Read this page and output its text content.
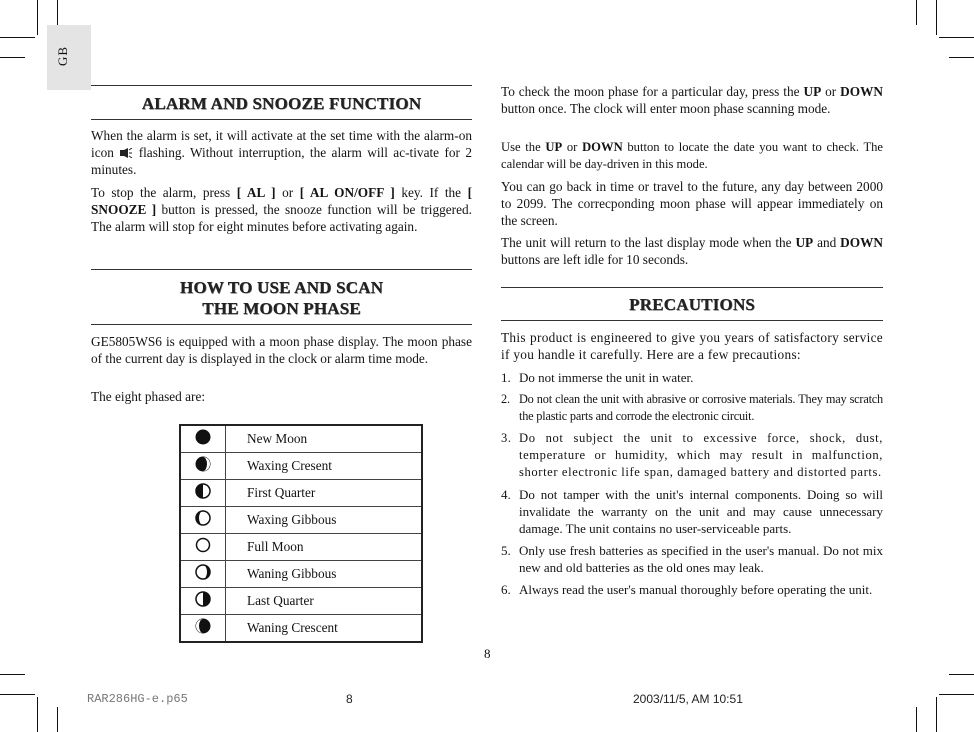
GB
ALARM AND SNOOZE FUNCTION
When the alarm is set, it will activate at the set time with the alarm-on icon flashing. Without interruption, the alarm will ac-tivate for 2 minutes.
To stop the alarm, press [ AL ] or [ AL ON/OFF ] key. If the [ SNOOZE ] button is pressed, the snooze function will be triggered. The alarm will stop for eight minutes before activating again.
HOW TO USE AND SCAN
THE MOON PHASE
GE5805WS6 is equipped with a moon phase display. The moon phase of the current day is displayed in the clock or alarm time mode.
The eight phased are:
	New Moon
	Waxing Cresent
	First Quarter
	Waxing Gibbous
	Full Moon
	Waning Gibbous
	Last Quarter
	Waning Crescent
To check the moon phase for a particular day, press the UP or DOWN button once. The clock will enter moon phase scanning mode.
Use the UP or DOWN button to locate the date you want to check. The calendar will be day-driven in this mode.
You can go back in time or travel to the future, any day between 2000 to 2099. The correcponding moon phase will appear immediately on the screen.
The unit will return to the last display mode when the UP and DOWN buttons are left idle for 10 seconds.
PRECAUTIONS
This product is engineered to give you years of satisfactory service if you handle it carefully. Here are a few precautions:
1. Do not immerse the unit in water.
2. Do not clean the unit with abrasive or corrosive materials. They may scratch the plastic parts and corrode the electronic circuit.
3. Do not subject the unit to excessive force, shock, dust, temperature or humidity, which may result in malfunction, shorter electronic life span, damaged battery and distorted parts.
4. Do not tamper with the unit's internal components. Doing so will invalidate the warranty on the unit and may cause unnecessary damage. The unit contains no user-serviceable parts.
5. Only use fresh batteries as specified in the user's manual. Do not mix new and old batteries as the old ones may leak.
6. Always read the user's manual thoroughly before operating the unit.
8
RAR286HG-e.p65	8	2003/11/5, AM 10:51
